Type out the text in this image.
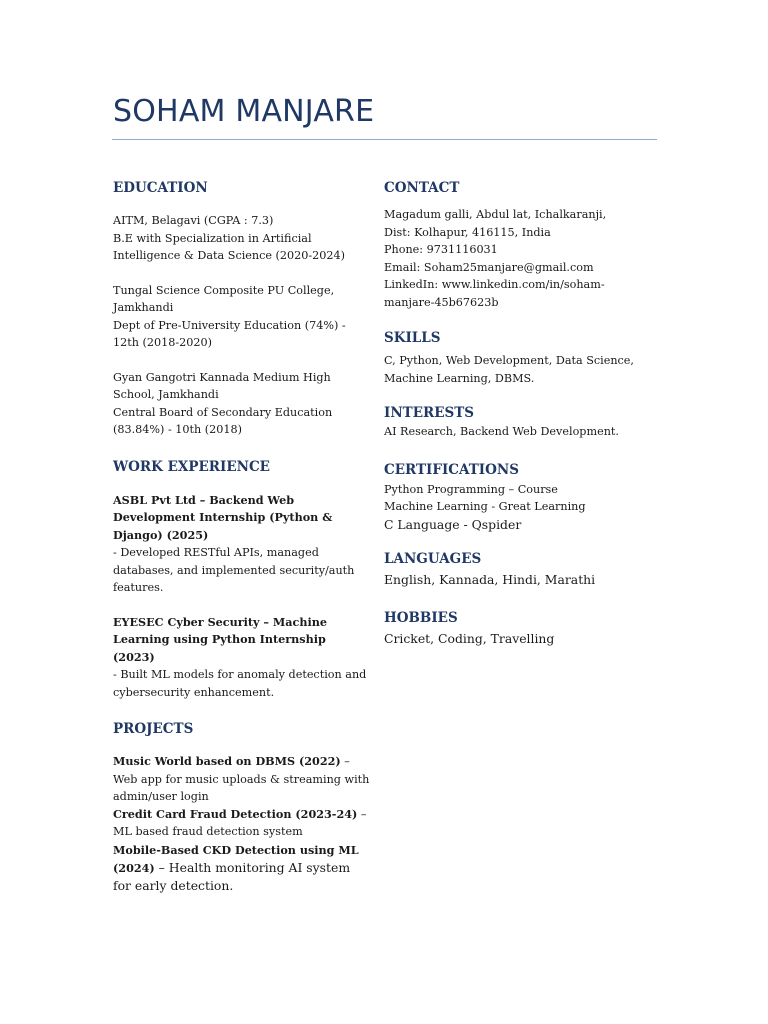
SOHAM MANJARE
EDUCATION

AITM, Belagavi (CGPA : 7.3)

B.E with Specialization in Artificial Intelligence & Data Science (2020-2024)

Tungal Science Composite PU College, Jamkhandi

Dept of Pre-University Education (74%) - 12th (2018-2020)

Gyan Gangotri Kannada Medium High School, Jamkhandi

Central Board of Secondary Education (83.84%) - 10th (2018)

WORK EXPERIENCE

ASBL Pvt Ltd – Backend Web Development Internship (Python & Django) (2025)

- Developed RESTful APIs, managed databases, and implemented security/auth features.

EYESEC Cyber Security – Machine Learning using Python Internship (2023)

- Built ML models for anomaly detection and cybersecurity enhancement.

PROJECTS

Music World based on DBMS (2022) – Web app for music uploads & streaming with admin/user login

Credit Card Fraud Detection (2023-24) – ML based fraud detection system

Mobile-Based CKD Detection using ML (2024) – Health monitoring AI system for early detection.

CONTACT

Magadum galli, Abdul lat, Ichalkaranji,

Dist: Kolhapur, 416115, India

Phone: 9731116031

Email: Soham25manjare@gmail.com

LinkedIn: www.linkedin.com/in/soham-manjare-45b67623b

SKILLS

C, Python, Web Development, Data Science, Machine Learning, DBMS.

INTERESTS

AI Research, Backend Web Development.

CERTIFICATIONS

Python Programming – Course

Machine Learning - Great Learning

C Language - Qspider

LANGUAGES

English, Kannada, Hindi, Marathi

HOBBIES

Cricket, Coding, Travelling
